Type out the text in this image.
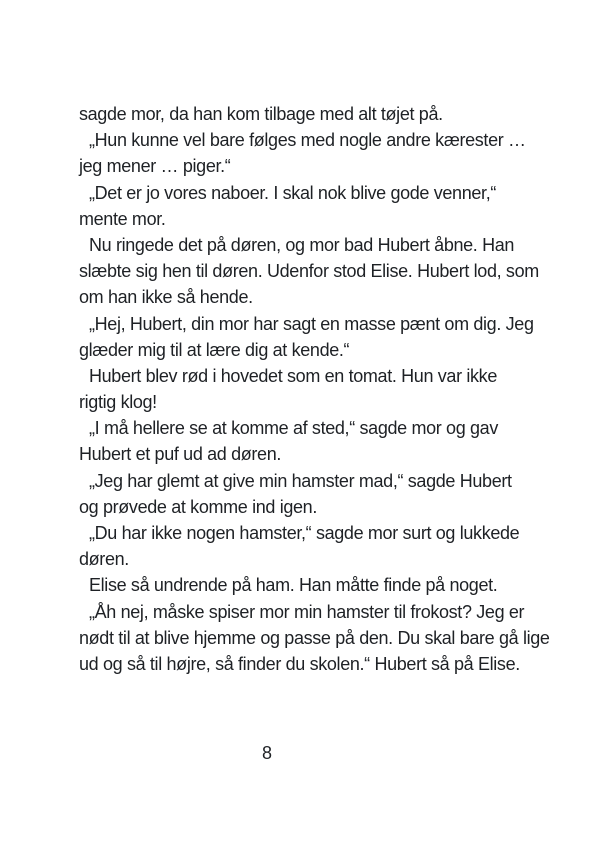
sagde mor, da han kom tilbage med alt tøjet på.
„Hun kunne vel bare følges med nogle andre kærester …
jeg mener … piger.“
„Det er jo vores naboer. I skal nok blive gode venner,“
mente mor.
Nu ringede det på døren, og mor bad Hubert åbne. Han
slæbte sig hen til døren. Udenfor stod Elise. Hubert lod, som
om han ikke så hende.
„Hej, Hubert, din mor har sagt en masse pænt om dig. Jeg
glæder mig til at lære dig at kende.“
Hubert blev rød i hovedet som en tomat. Hun var ikke
rigtig klog!
„I må hellere se at komme af sted,“ sagde mor og gav
Hubert et puf ud ad døren.
„Jeg har glemt at give min hamster mad,“ sagde Hubert
og prøvede at komme ind igen.
„Du har ikke nogen hamster,“ sagde mor surt og lukkede
døren.
Elise så undrende på ham. Han måtte finde på noget.
„Åh nej, måske spiser mor min hamster til frokost? Jeg er
nødt til at blive hjemme og passe på den. Du skal bare gå lige
ud og så til højre, så finder du skolen.“ Hubert så på Elise.
8
